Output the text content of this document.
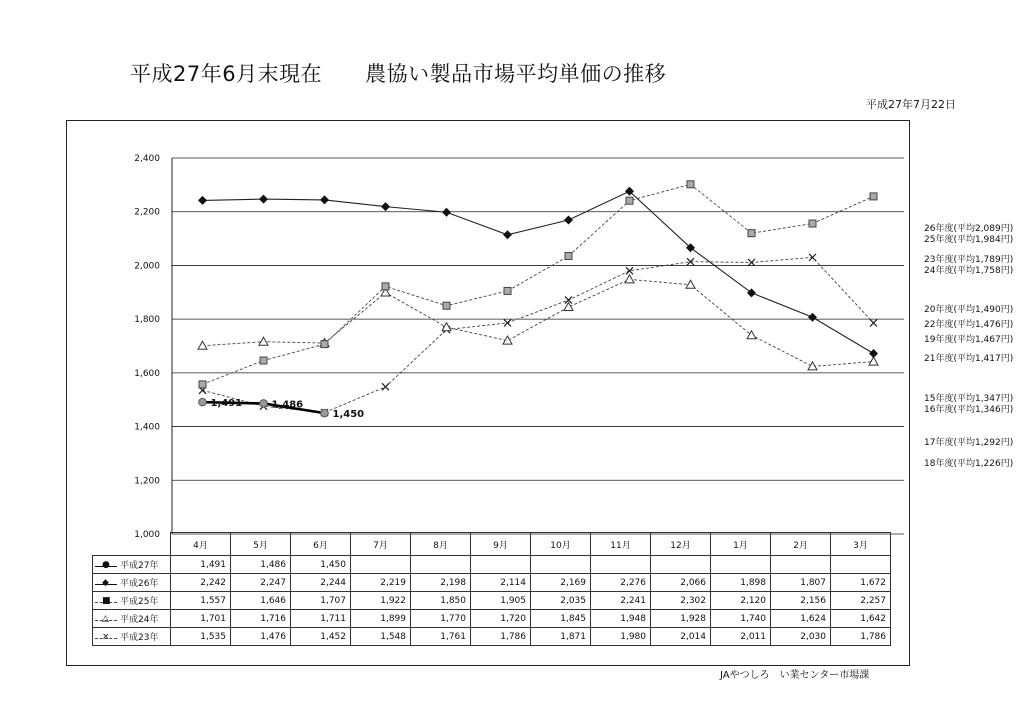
平成27年6月末現在　　農協い製品市場平均単価の推移
平成27年7月22日
1,000
1,200
1,400
1,600
1,800
2,000
2,200
2,400
1,491	1,486
1,450
26年度(平均2,089円)
25年度(平均1,984円)
23年度(平均1,789円)
24年度(平均1,758円)
20年度(平均1,490円)
22年度(平均1,476円)
19年度(平均1,467円)
21年度(平均1,417円)
15年度(平均1,347円)
16年度(平均1,346円)
17年度(平均1,292円)
18年度(平均1,226円)
	4月	5月	6月	7月	8月	9月	10月	11月	12月	1月	2月	3月

● 平成27年	1,491	1,486	1,450									

◆ 平成26年	2,242	2,247	2,244	2,219	2,198	2,114	2,169	2,276	2,066	1,898	1,807	1,672

■ 平成25年	1,557	1,646	1,707	1,922	1,850	1,905	2,035	2,241	2,302	2,120	2,156	2,257

△ 平成24年	1,701	1,716	1,711	1,899	1,770	1,720	1,845	1,948	1,928	1,740	1,624	1,642

× 平成23年	1,535	1,476	1,452	1,548	1,761	1,786	1,871	1,980	2,014	2,011	2,030	1,786
JAやつしろ　い業センター市場課
